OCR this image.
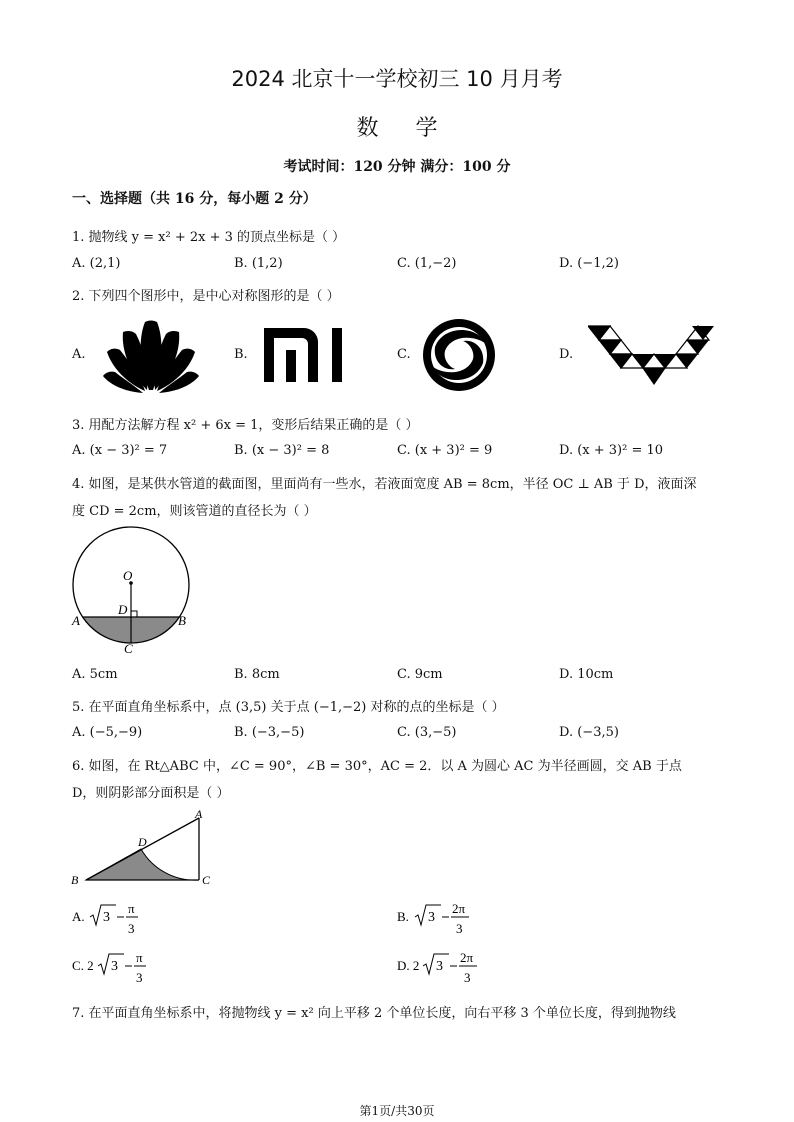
2024 北京十一学校初三 10 月月考
数 学
考试时间：120 分钟 满分：100 分
一、选择题（共 16 分，每小题 2 分）
1. 抛物线 y = x² + 2x + 3 的顶点坐标是（ ）
A. (2,1)	B. (1,2)	C. (1,−2)	D. (−1,2)
2. 下列四个图形中，是中心对称图形的是（ ）
A.	B.	C.	D.
3. 用配方法解方程 x² + 6x = 1，变形后结果正确的是（ ）
A. (x − 3)² = 7	B. (x − 3)² = 8	C. (x + 3)² = 9	D. (x + 3)² = 10
4. 如图，是某供水管道的截面图，里面尚有一些水，若液面宽度 AB = 8cm，半径 OC ⊥ AB 于 D，液面深
度 CD = 2cm，则该管道的直径长为（ ）
O
D
A	B
C
A. 5cm	B. 8cm	C. 9cm	D. 10cm
5. 在平面直角坐标系中，点 (3,5) 关于点 (−1,−2) 对称的点的坐标是（ ）
A. (−5,−9)	B. (−3,−5)	C. (3,−5)	D. (−3,5)
6. 如图，在 Rt△ABC 中，∠C = 90°，∠B = 30°，AC = 2．以 A 为圆心 AC 为半径画圆，交 AB 于点
D，则阴影部分面积是（ ）
A
B	C
D
A. 3
π
3
B. 3
2π
3
C. 2 3
π
3
D. 2 3
2π
3
7. 在平面直角坐标系中，将抛物线 y = x² 向上平移 2 个单位长度，向右平移 3 个单位长度，得到抛物线
第1页/共30页
